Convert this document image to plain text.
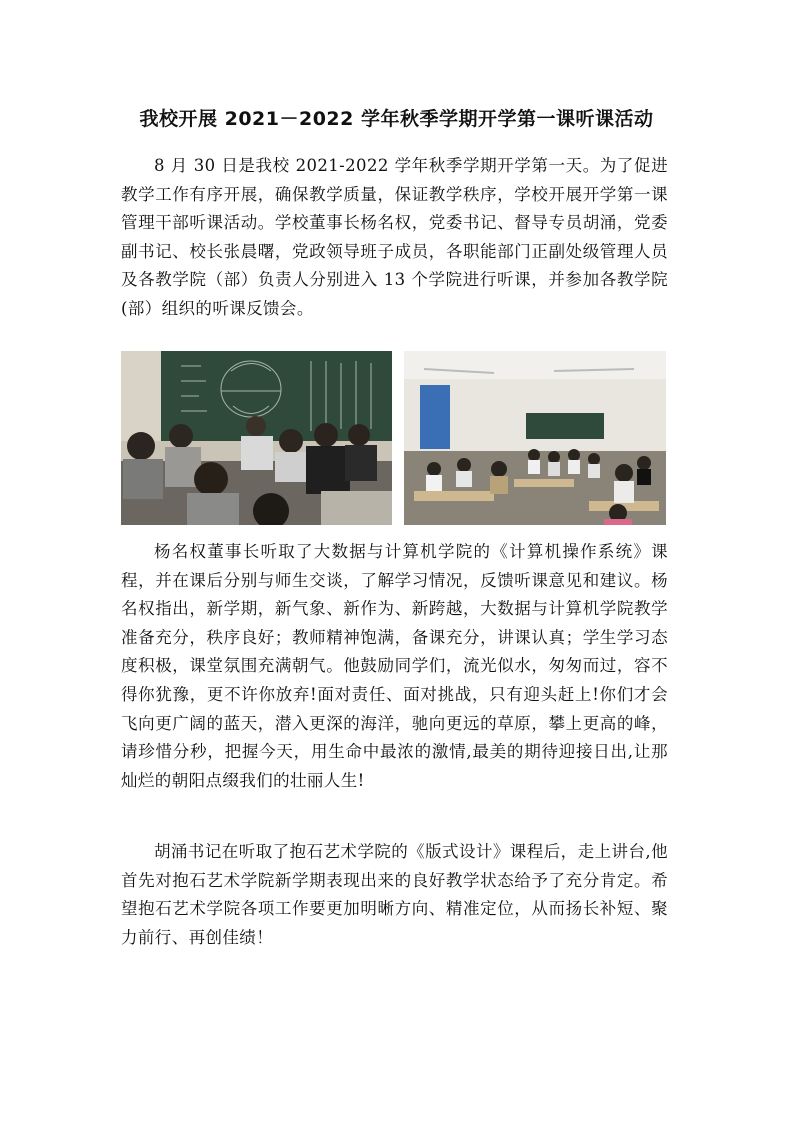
我校开展 2021－2022 学年秋季学期开学第一课听课活动

8 月 30 日是我校 2021-2022 学年秋季学期开学第一天。为了促进教学工作有序开展，确保教学质量，保证教学秩序，学校开展开学第一课管理干部听课活动。学校董事长杨名权，党委书记、督导专员胡涌，党委副书记、校长张晨曙，党政领导班子成员，各职能部门正副处级管理人员及各教学院（部）负责人分别进入 13 个学院进行听课，并参加各教学院(部）组织的听课反馈会。

杨名权董事长听取了大数据与计算机学院的《计算机操作系统》课程，并在课后分别与师生交谈，了解学习情况，反馈听课意见和建议。杨名权指出，新学期，新气象、新作为、新跨越，大数据与计算机学院教学准备充分，秩序良好；教师精神饱满，备课充分，讲课认真；学生学习态度积极，课堂氛围充满朝气。他鼓励同学们，流光似水，匆匆而过，容不得你犹豫，更不许你放弃!面对责任、面对挑战，只有迎头赶上!你们才会飞向更广阔的蓝天，潜入更深的海洋，驰向更远的草原，攀上更高的峰，请珍惜分秒，把握今天，用生命中最浓的激情,最美的期待迎接日出,让那灿烂的朝阳点缀我们的壮丽人生!

胡涌书记在听取了抱石艺术学院的《版式设计》课程后，走上讲台,他首先对抱石艺术学院新学期表现出来的良好教学状态给予了充分肯定。希望抱石艺术学院各项工作要更加明晰方向、精准定位，从而扬长补短、聚力前行、再创佳绩！
